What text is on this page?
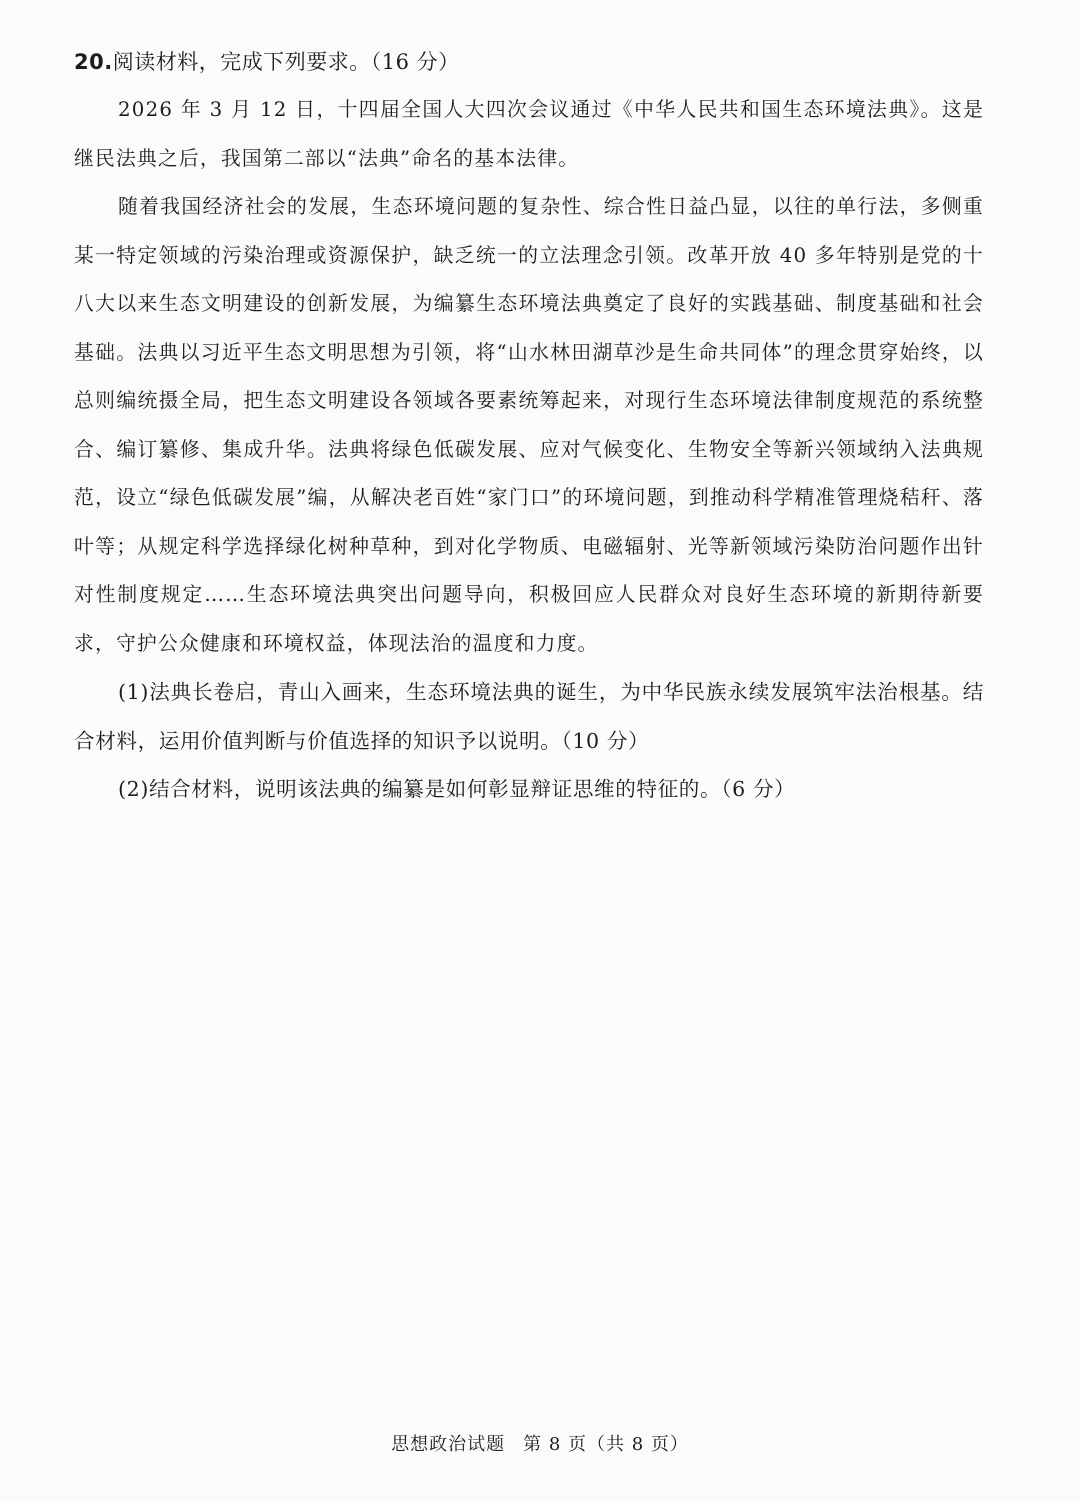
20.阅读材料，完成下列要求。（16 分）

2026 年 3 月 12 日，十四届全国人大四次会议通过《中华人民共和国生态环境法典》。这是继民法典之后，我国第二部以“法典”命名的基本法律。

随着我国经济社会的发展，生态环境问题的复杂性、综合性日益凸显，以往的单行法，多侧重某一特定领域的污染治理或资源保护，缺乏统一的立法理念引领。改革开放 40 多年特别是党的十八大以来生态文明建设的创新发展，为编纂生态环境法典奠定了良好的实践基础、制度基础和社会基础。法典以习近平生态文明思想为引领，将“山水林田湖草沙是生命共同体”的理念贯穿始终，以总则编统摄全局，把生态文明建设各领域各要素统筹起来，对现行生态环境法律制度规范的系统整合、编订纂修、集成升华。法典将绿色低碳发展、应对气候变化、生物安全等新兴领域纳入法典规范，设立“绿色低碳发展”编，从解决老百姓“家门口”的环境问题，到推动科学精准管理烧秸秆、落叶等；从规定科学选择绿化树种草种，到对化学物质、电磁辐射、光等新领域污染防治问题作出针对性制度规定……生态环境法典突出问题导向，积极回应人民群众对良好生态环境的新期待新要求，守护公众健康和环境权益，体现法治的温度和力度。

(1)法典长卷启，青山入画来，生态环境法典的诞生，为中华民族永续发展筑牢法治根基。结合材料，运用价值判断与价值选择的知识予以说明。（10 分）

(2)结合材料，说明该法典的编纂是如何彰显辩证思维的特征的。（6 分）

思想政治试题 第 8 页（共 8 页）
